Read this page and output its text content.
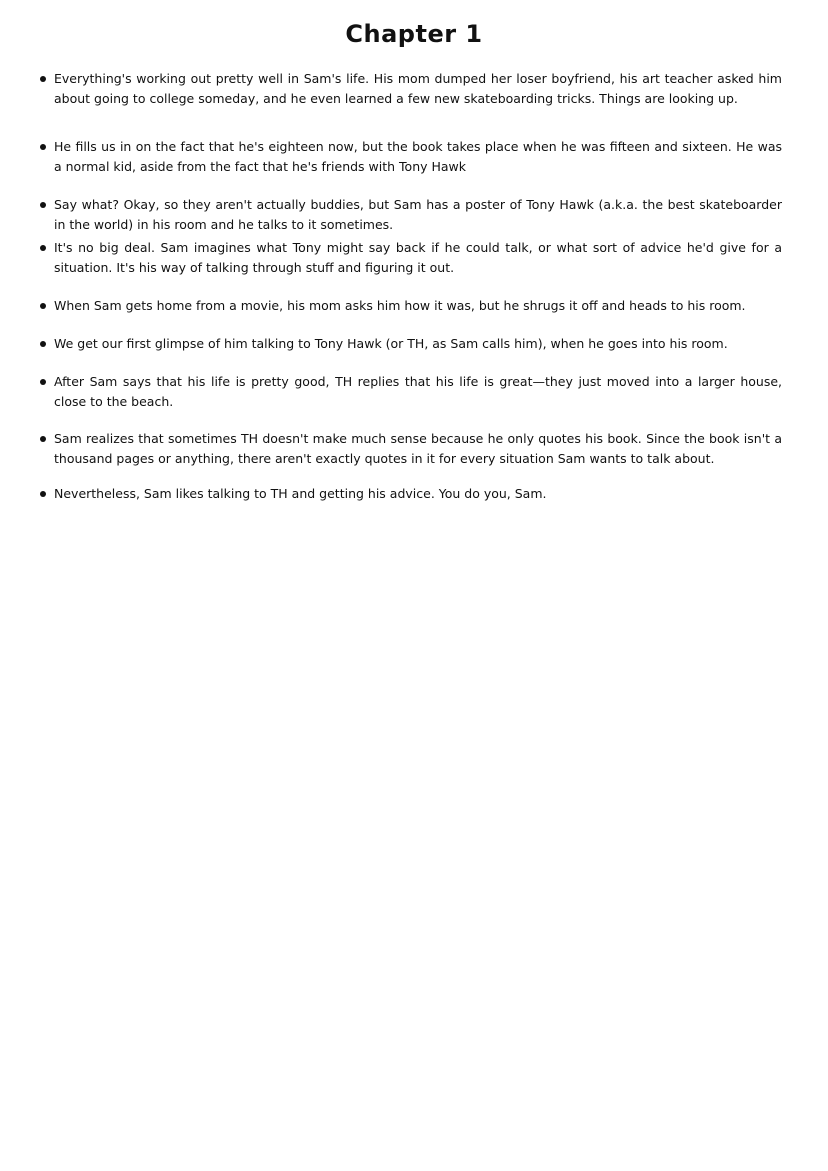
Chapter 1
Everything's working out pretty well in Sam's life. His mom dumped her loser boyfriend, his art teacher asked him about going to college someday, and he even learned a few new skateboarding tricks. Things are looking up.
He fills us in on the fact that he's eighteen now, but the book takes place when he was fifteen and sixteen. He was a normal kid, aside from the fact that he's friends with Tony Hawk
Say what? Okay, so they aren't actually buddies, but Sam has a poster of Tony Hawk (a.k.a. the best skateboarder in the world) in his room and he talks to it sometimes.
It's no big deal. Sam imagines what Tony might say back if he could talk, or what sort of advice he'd give for a situation. It's his way of talking through stuff and figuring it out.
When Sam gets home from a movie, his mom asks him how it was, but he shrugs it off and heads to his room.
We get our first glimpse of him talking to Tony Hawk (or TH, as Sam calls him), when he goes into his room.
After Sam says that his life is pretty good, TH replies that his life is great—they just moved into a larger house, close to the beach.
Sam realizes that sometimes TH doesn't make much sense because he only quotes his book. Since the book isn't a thousand pages or anything, there aren't exactly quotes in it for every situation Sam wants to talk about.
Nevertheless, Sam likes talking to TH and getting his advice. You do you, Sam.
